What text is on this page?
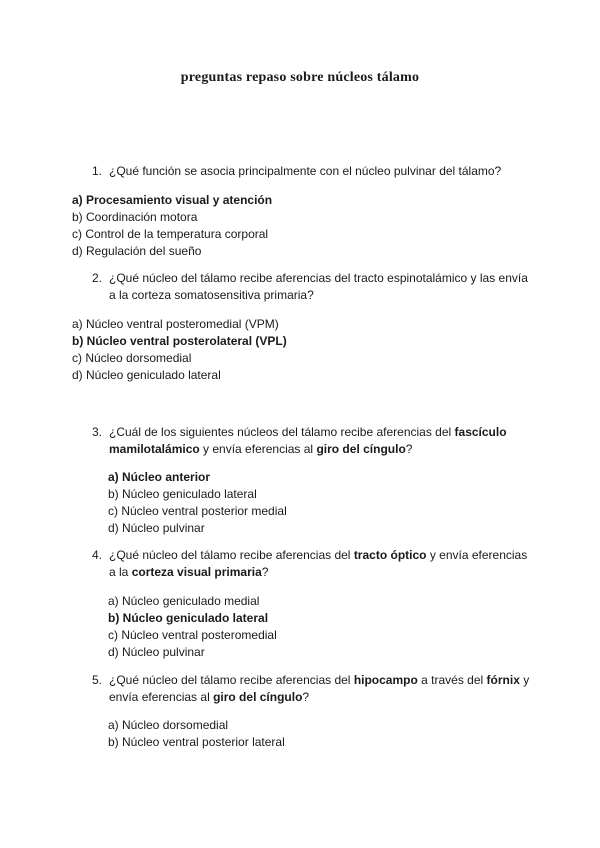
preguntas repaso sobre núcleos tálamo
1. ¿Qué función se asocia principalmente con el núcleo pulvinar del tálamo?
a) Procesamiento visual y atención
b) Coordinación motora
c) Control de la temperatura corporal
d) Regulación del sueño
2. ¿Qué núcleo del tálamo recibe aferencias del tracto espinotalámico y las envía a la corteza somatosensitiva primaria?
a) Núcleo ventral posteromedial (VPM)
b) Núcleo ventral posterolateral (VPL)
c) Núcleo dorsomedial
d) Núcleo geniculado lateral
3. ¿Cuál de los siguientes núcleos del tálamo recibe aferencias del fascículo mamilotalámico y envía eferencias al giro del cíngulo?
a) Núcleo anterior
b) Núcleo geniculado lateral
c) Núcleo ventral posterior medial
d) Núcleo pulvinar
4. ¿Qué núcleo del tálamo recibe aferencias del tracto óptico y envía eferencias a la corteza visual primaria?
a) Núcleo geniculado medial
b) Núcleo geniculado lateral
c) Núcleo ventral posteromedial
d) Núcleo pulvinar
5. ¿Qué núcleo del tálamo recibe aferencias del hipocampo a través del fórnix y envía eferencias al giro del cíngulo?
a) Núcleo dorsomedial
b) Núcleo ventral posterior lateral
